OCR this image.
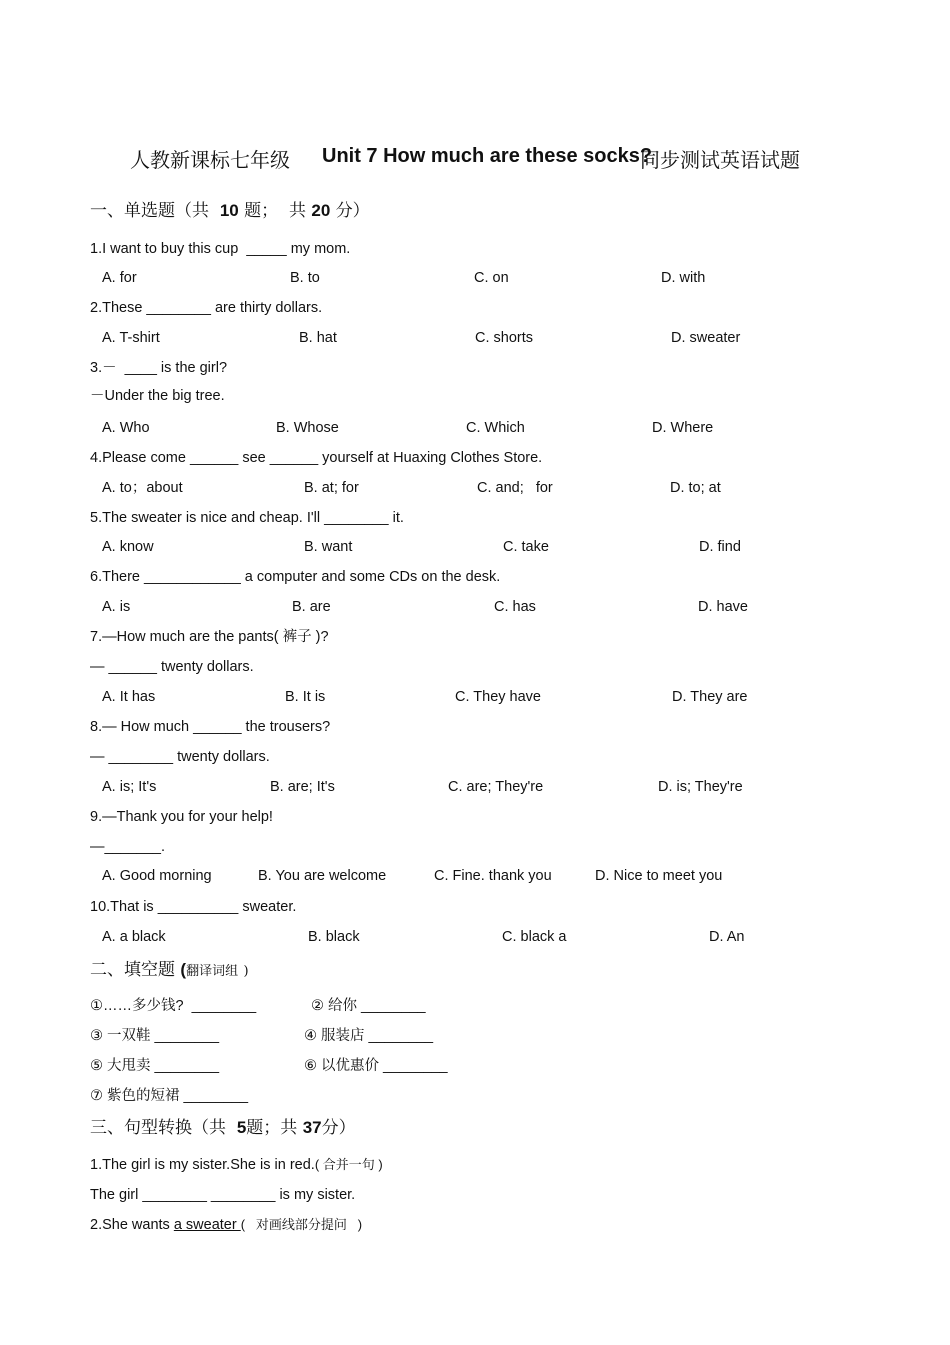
人教新课标七年级 Unit 7 How much are these socks?
同步测试英语试题
一、单选题（共 10 题；  共 20 分）
1.I want to buy this cup  _____ my mom.
A. for	B. to	C. on	D. with
2.These ________ are thirty dollars.
A. T-shirt	B. hat	C. shorts	D. sweater
3.－  ____ is the girl?
－Under the big tree.
A. Who	B. Whose	C. Which	D. Where
4.Please come ______ see ______ yourself at Huaxing Clothes Store.
A. to；about	B. at; for	C. and;   for	D. to; at
5.The sweater is nice and cheap. I'll ________ it.
A. know	B. want	C. take	D. find
6.There ____________ a computer and some CDs on the desk.
A. is	B. are	C. has	D. have
7.—How much are the pants( 裤子 )?
— ______ twenty dollars.
A. It has	B. It is	C. They have	D. They are
8.— How much ______ the trousers?
— ________ twenty dollars.
A. is; It's	B. are; It's	C. are; They're	D. is; They're
9.—Thank you for your help!
—_______.
A. Good morning	B. You are welcome	C. Fine. thank you	D. Nice to meet you
10.That is __________ sweater.
A. a black	B. black	C. black a	D. An
二、填空题 (翻译词组 )
①……多少钱?  ________	② 给你 ________
③ 一双鞋 ________	④ 服装店 ________
⑤ 大甩卖 ________	⑥ 以优惠价 ________
⑦ 紫色的短裙 ________
三、句型转换（共 5题；共 37分）
1.The girl is my sister.She is in red.( 合并一句 )
The girl ________ ________ is my sister.
2.She wants a sweater (   对画线部分提问   )
